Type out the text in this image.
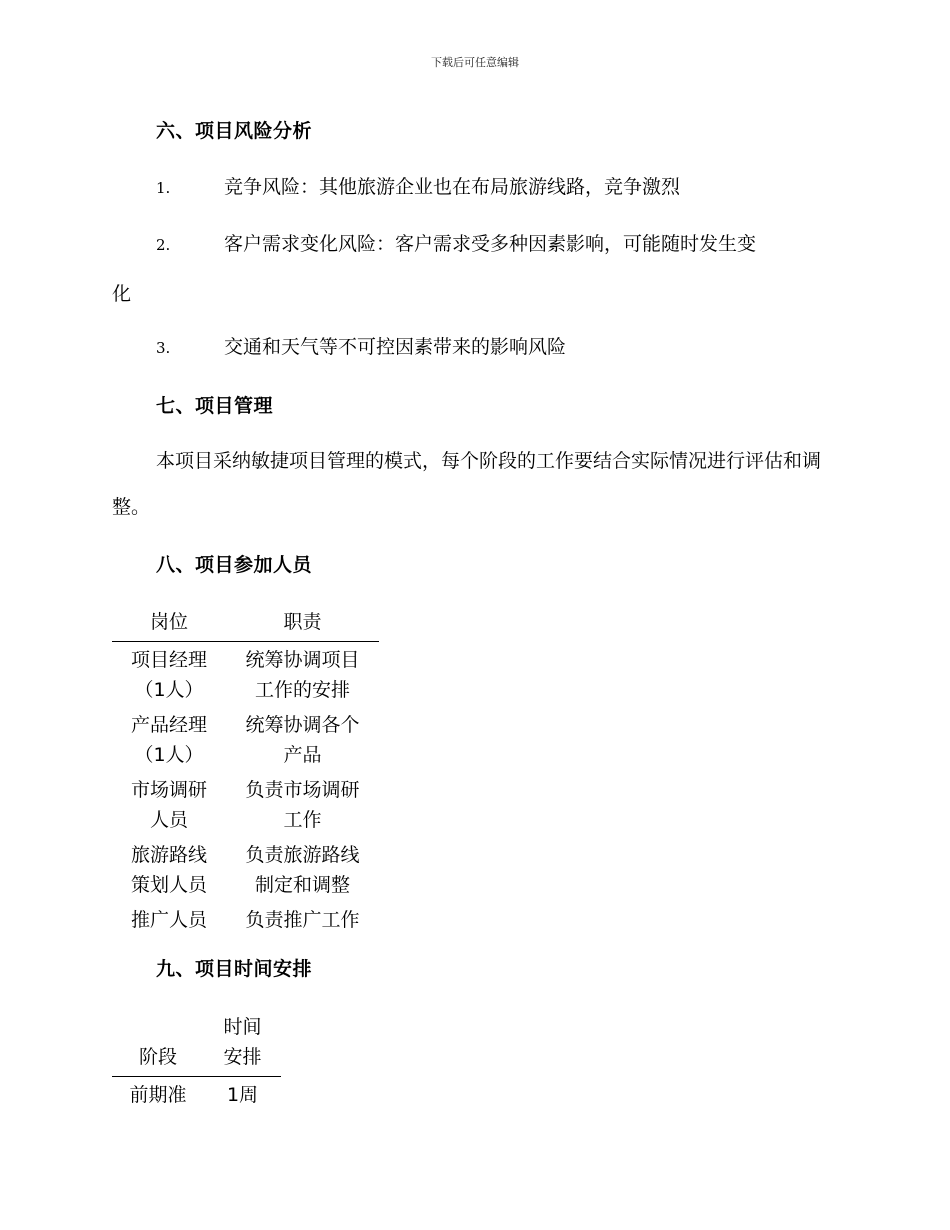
下载后可任意编辑
六、项目风险分析
1.	竞争风险：其他旅游企业也在布局旅游线路，竞争激烈
2.	客户需求变化风险：客户需求受多种因素影响，可能随时发生变
化
3.	交通和天气等不可控因素带来的影响风险
七、项目管理
本项目采纳敏捷项目管理的模式，每个阶段的工作要结合实际情况进行评估和调整。
八、项目参加人员
岗位	职责
项目经理（1人）	统筹协调项目工作的安排
产品经理（1人）	统筹协调各个产品
市场调研人员	负责市场调研工作
旅游路线策划人员	负责旅游路线制定和调整
推广人员	负责推广工作
九、项目时间安排
阶段	时间安排
前期准	1周
